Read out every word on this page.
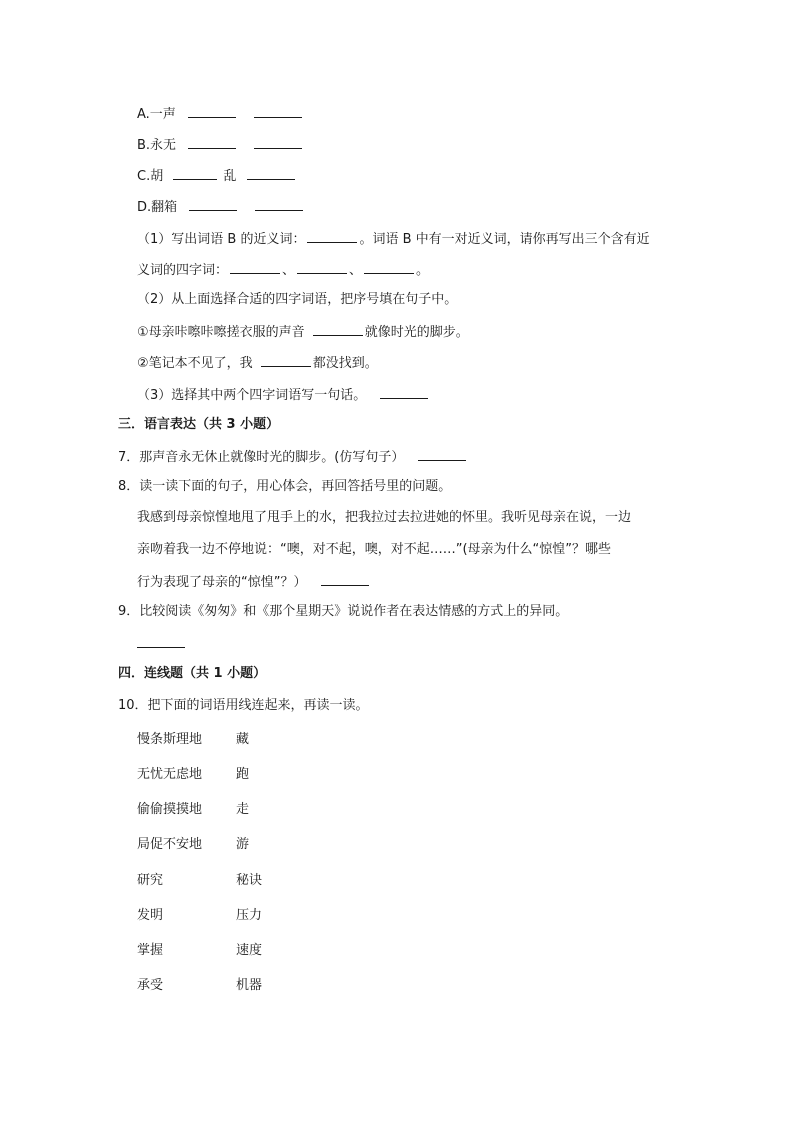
A.一声
B.永无
C.胡	乱
D.翻箱
（1）写出词语 B 的近义词：	。词语 B 中有一对近义词，请你再写出三个含有近
义词的四字词：	、	、	。
（2）从上面选择合适的四字词语，把序号填在句子中。
①母亲咔嚓咔嚓搓衣服的声音	就像时光的脚步。
②笔记本不见了，我	都没找到。
（3）选择其中两个四字词语写一句话。
三．语言表达（共 3 小题）
7．那声音永无休止就像时光的脚步。(仿写句子）
8．读一读下面的句子，用心体会，再回答括号里的问题。
我感到母亲惊惶地甩了甩手上的水，把我拉过去拉进她的怀里。我听见母亲在说，一边
亲吻着我一边不停地说：“噢，对不起，噢，对不起……”(母亲为什么“惊惶”？哪些
行为表现了母亲的“惊惶”？）
9．比较阅读《匆匆》和《那个星期天》说说作者在表达情感的方式上的异同。
四．连线题（共 1 小题）
10．把下面的词语用线连起来，再读一读。
慢条斯理地	藏
无忧无虑地	跑
偷偷摸摸地	走
局促不安地	游
研究	秘诀
发明	压力
掌握	速度
承受	机器
